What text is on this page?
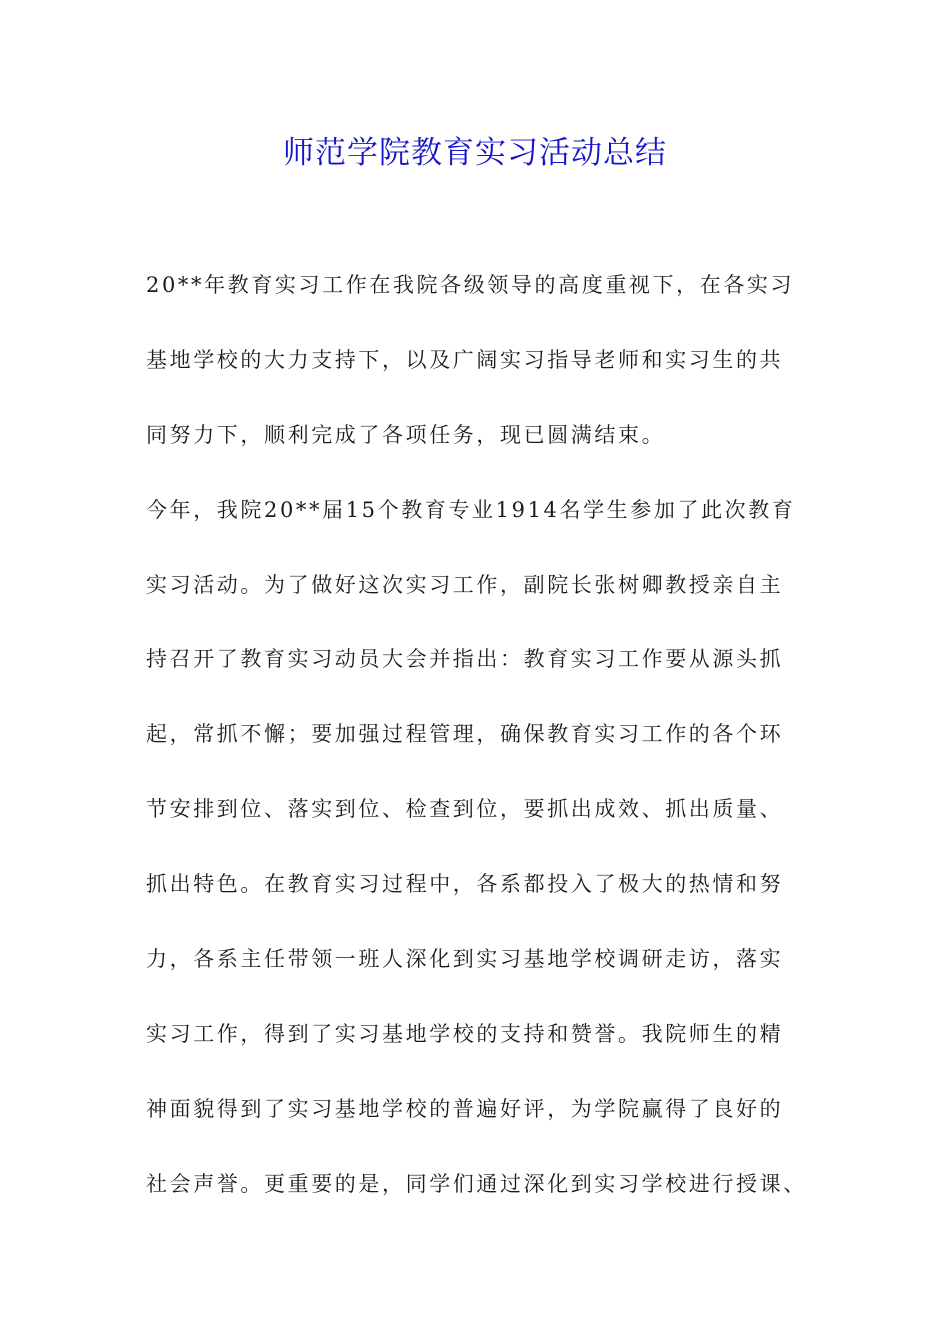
师范学院教育实习活动总结
20**年教育实习工作在我院各级领导的高度重视下，在各实习
基地学校的大力支持下，以及广阔实习指导老师和实习生的共
同努力下，顺利完成了各项任务，现已圆满结束。
今年，我院20**届15个教育专业1914名学生参加了此次教育
实习活动。为了做好这次实习工作，副院长张树卿教授亲自主
持召开了教育实习动员大会并指出：教育实习工作要从源头抓
起，常抓不懈；要加强过程管理，确保教育实习工作的各个环
节安排到位、落实到位、检查到位，要抓出成效、抓出质量、
抓出特色。在教育实习过程中，各系都投入了极大的热情和努
力，各系主任带领一班人深化到实习基地学校调研走访，落实
实习工作，得到了实习基地学校的支持和赞誉。我院师生的精
神面貌得到了实习基地学校的普遍好评，为学院赢得了良好的
社会声誉。更重要的是，同学们通过深化到实习学校进行授课、
